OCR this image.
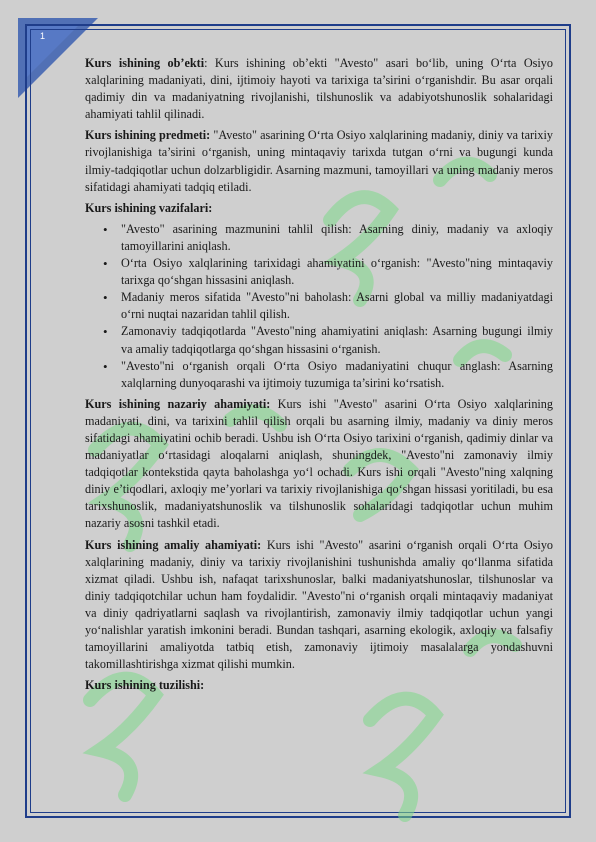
1

Kurs ishining ob’ekti: Kurs ishining ob’ekti "Avesto" asari bo‘lib, uning O‘rta Osiyo xalqlarining madaniyati, dini, ijtimoiy hayoti va tarixiga ta’sirini o‘rganishdir. Bu asar orqali qadimiy din va madaniyatning rivojlanishi, tilshunoslik va adabiyotshunoslik sohalaridagi ahamiyati tahlil qilinadi.

Kurs ishining predmeti: "Avesto" asarining O‘rta Osiyo xalqlarining madaniy, diniy va tarixiy rivojlanishiga ta’sirini o‘rganish, uning mintaqaviy tarixda tutgan o‘rni va bugungi kunda ilmiy-tadqiqotlar uchun dolzarbligidir. Asarning mazmuni, tamoyillari va uning madaniy meros sifatidagi ahamiyati tadqiq etiladi.

Kurs ishining vazifalari:
• "Avesto" asarining mazmunini tahlil qilish: Asarning diniy, madaniy va axloqiy tamoyillarini aniqlash.
• O‘rta Osiyo xalqlarining tarixidagi ahamiyatini o‘rganish: "Avesto"ning mintaqaviy tarixga qo‘shgan hissasini aniqlash.
• Madaniy meros sifatida "Avesto"ni baholash: Asarni global va milliy madaniyatdagi o‘rni nuqtai nazaridan tahlil qilish.
• Zamonaviy tadqiqotlarda "Avesto"ning ahamiyatini aniqlash: Asarning bugungi ilmiy va amaliy tadqiqotlarga qo‘shgan hissasini o‘rganish.
• "Avesto"ni o‘rganish orqali O‘rta Osiyo madaniyatini chuqur anglash: Asarning xalqlarning dunyoqarashi va ijtimoiy tuzumiga ta’sirini ko‘rsatish.

Kurs ishining nazariy ahamiyati: Kurs ishi "Avesto" asarini O‘rta Osiyo xalqlarining madaniyati, dini, va tarixini tahlil qilish orqali bu asarning ilmiy, madaniy va diniy meros sifatidagi ahamiyatini ochib beradi. Ushbu ish O‘rta Osiyo tarixini o‘rganish, qadimiy dinlar va madaniyatlar o‘rtasidagi aloqalarni aniqlash, shuningdek, "Avesto"ni zamonaviy ilmiy tadqiqotlar kontekstida qayta baholashga yo‘l ochadi. Kurs ishi orqali "Avesto"ning xalqning diniy e’tiqodlari, axloqiy me’yorlari va tarixiy rivojlanishiga qo‘shgan hissasi yoritiladi, bu esa tarixshunoslik, madaniyatshunoslik va tilshunoslik sohalaridagi tadqiqotlar uchun muhim nazariy asosni tashkil etadi.

Kurs ishining amaliy ahamiyati: Kurs ishi "Avesto" asarini o‘rganish orqali O‘rta Osiyo xalqlarining madaniy, diniy va tarixiy rivojlanishini tushunishda amaliy qo‘llanma sifatida xizmat qiladi. Ushbu ish, nafaqat tarixshunoslar, balki madaniyatshunoslar, tilshunoslar va diniy tadqiqotchilar uchun ham foydalidir. "Avesto"ni o‘rganish orqali mintaqaviy madaniyat va diniy qadriyatlarni saqlash va rivojlantirish, zamonaviy ilmiy tadqiqotlar uchun yangi yo‘nalishlar yaratish imkonini beradi. Bundan tashqari, asarning ekologik, axloqiy va falsafiy tamoyillarini amaliyotda tatbiq etish, zamonaviy ijtimoiy masalalarga yondashuvni takomillashtirishga xizmat qilishi mumkin.

Kurs ishining tuzilishi:
